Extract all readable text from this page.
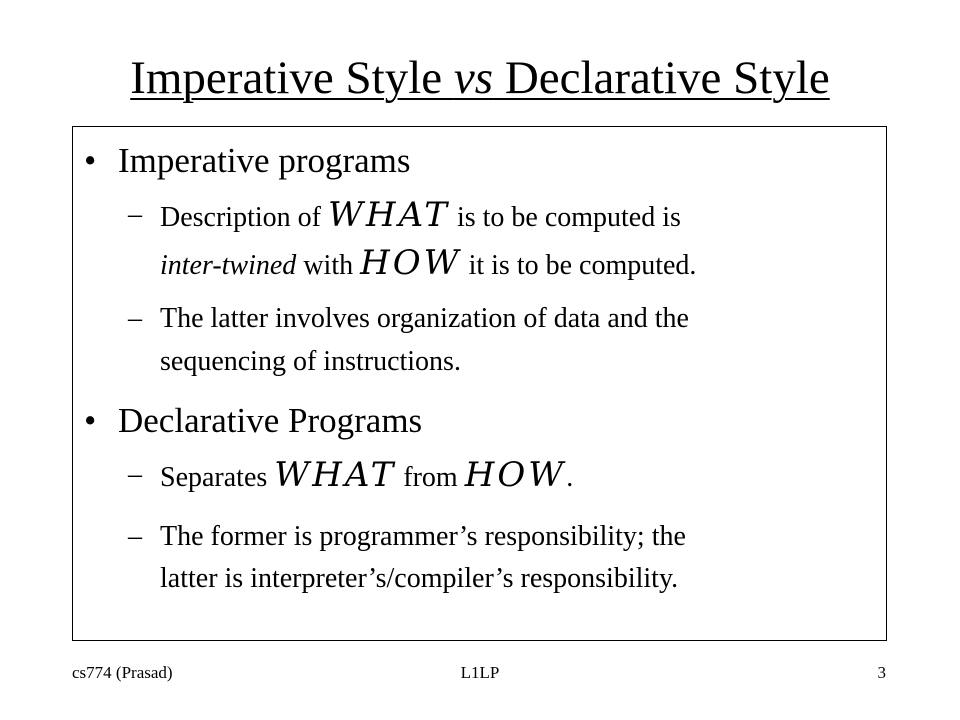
Imperative Style vs Declarative Style
• Imperative programs
– Description of WHAT is to be computed is
inter-twined with HOW it is to be computed.
– The latter involves organization of data and the
sequencing of instructions.
• Declarative Programs
– Separates WHAT from HOW.
– The former is programmer’s responsibility; the
latter is interpreter’s/compiler’s responsibility.
L1LP
cs774 (Prasad)	3
